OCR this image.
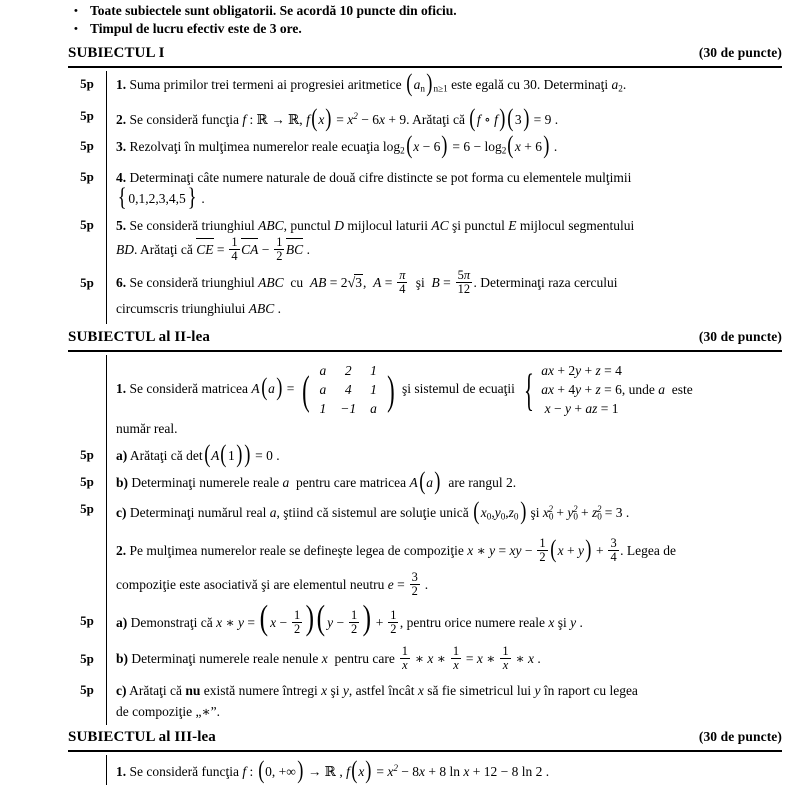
• Toate subiectele sunt obligatorii. Se acordă 10 puncte din oficiu.
• Timpul de lucru efectiv este de 3 ore.
SUBIECTUL I	(30 de puncte)
5p	1. Suma primilor trei termeni ai progresiei aritmetice $(a_n)_{n\ge 1}$ este egală cu 30. Determinaţi $a_2$.
5p	2. Se consideră funcţia f : ℝ → ℝ, $f(x) = x^2 - 6x + 9$. Arătaţi că (f ∘ f)(3) = 9 .
5p	3. Rezolvaţi în mulţimea numerelor reale ecuaţia $\log_2(x - 6) = 6 - \log_2(x + 6)$ .
5p	4. Determinaţi câte numere naturale de două cifre distincte se pot forma cu elementele mulţimii
{ 0,1,2,3,4,5} .
5p	5. Se consideră triunghiul ABC, punctul D mijlocul laturii AC şi punctul E mijlocul segmentului
BD. Arătaţi că CE = $\frac{1}{4}$ CA − $\frac{1}{2}$ BC .
5p	6. Se consideră triunghiul ABC cu AB = 2√3, $A = \frac{\pi}{4}$ şi $B = \frac{5\pi}{12}$ . Determinaţi raza cercului
circumscris triunghiului ABC .
SUBIECTUL al II-lea	(30 de puncte)
1. Se consideră matricea A(a) = ( a	2	1
a	4	1
1	−1	a ) şi sistemul de ecuaţii { ax + 2y + z = 4
ax + 4y + z = 6, unde a  este
x − y + az = 1

număr real.
5p	a) Arătaţi că det(A(1)) = 0 .
5p	b) Determinaţi numerele reale a pentru care matricea A(a) are rangul 2.
5p	c) Determinaţi numărul real a, ştiind că sistemul are soluţie unică $(x_0,y_0,z_0)$ şi $x_0^2 + y_0^2 + z_0^2 = 3$ .
2. Pe mulţimea numerelor reale se defineşte legea de compoziţie x ∗ y = xy − $\frac{1}{2} (x + y) + \frac{3}{4}$ . Legea de
compoziţie este asociativă şi are elementul neutru $e = \frac{3}{2}$ .
5p	a) Demonstraţi că x ∗ y = ( $x - \frac{1}{2}$ )( $y - \frac{1}{2}$ ) + $\frac{1}{2}$ , pentru orice numere reale x şi y .
5p	b) Determinaţi numerele reale nenule x pentru care $\frac{1}{x}$ ∗ x ∗ $\frac{1}{x} = x$ ∗ $\frac{1}{x}$ ∗ x .
5p	c) Arătaţi că nu există numere întregi x şi y, astfel încât x să fie simetricul lui y în raport cu legea
de compoziţie „∗”.
SUBIECTUL al III-lea	(30 de puncte)
1. Se consideră funcţia f : (0, +∞) → ℝ , $f(x) = x^2 - 8x + 8$ ln x + 12 − 8 ln 2 .
